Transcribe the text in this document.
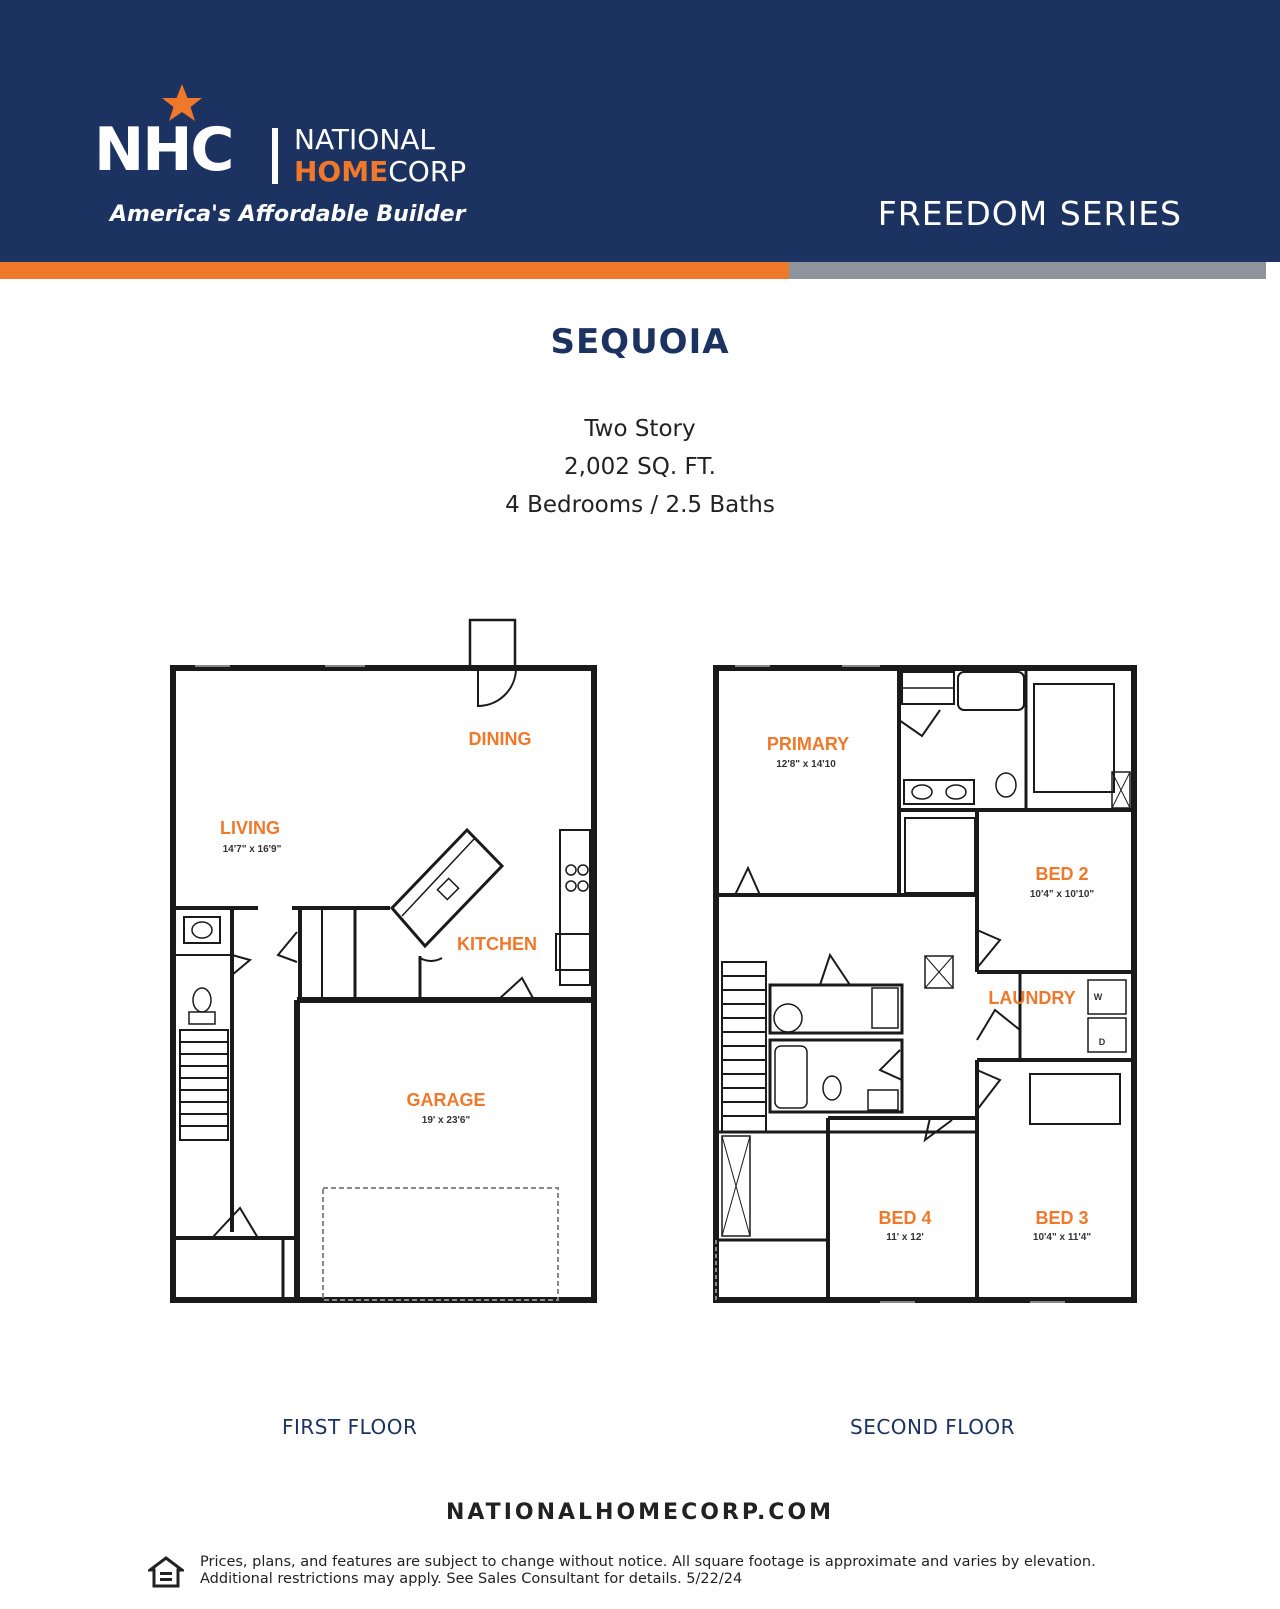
NHC NATIONAL
HOMECORP
America's Affordable Builder	FREEDOM SERIES
SEQUOIA
Two Story
2,002 SQ. FT.
4 Bedrooms / 2.5 Baths
DINING
LIVING
14'7" x 16'9"
KITCHEN
GARAGE
19' x 23'6"
PRIMARY
12'8" x 14'10
BED 2
10'4" x 10'10"
LAUNDRY W
D
BED 4
11' x 12'
BED 3
10'4" x 11'4"
FIRST FLOOR	SECOND FLOOR
NATIONALHOMECORP.COM
Prices, plans, and features are subject to change without notice. All square footage is approximate and varies by elevation.
Additional restrictions may apply. See Sales Consultant for details. 5/22/24
